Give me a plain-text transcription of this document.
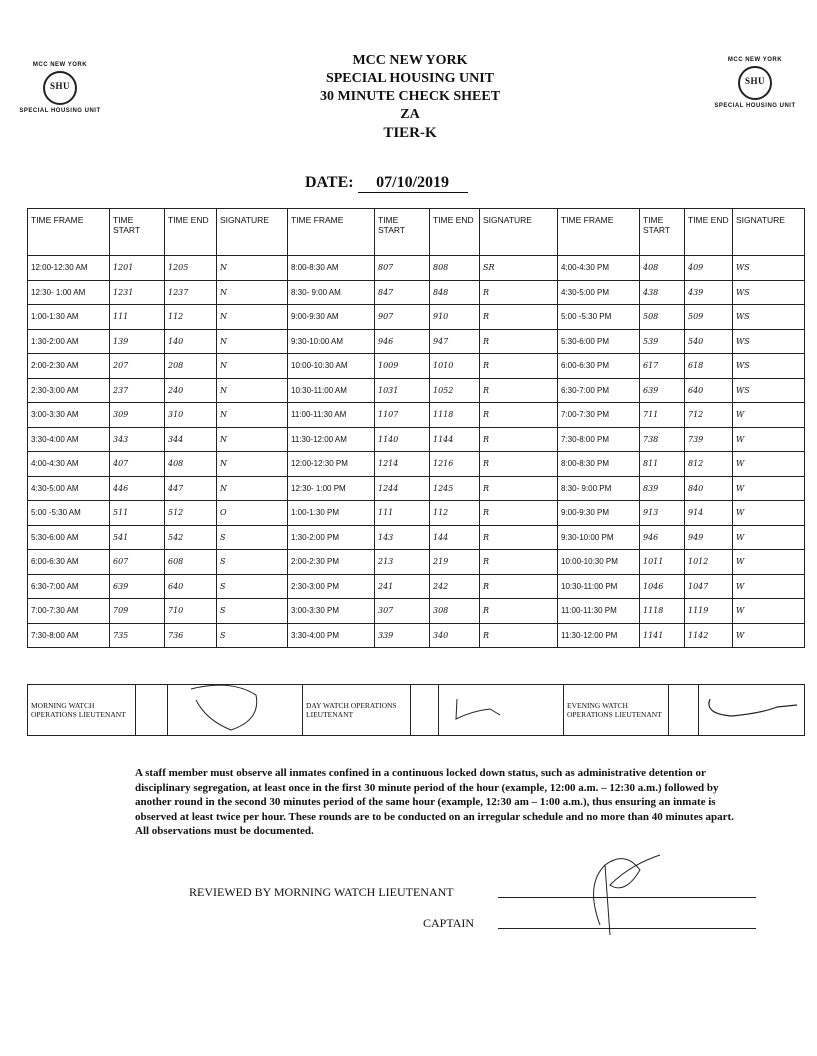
MCC NEW YORK
SHU
SPECIAL HOUSING UNIT
MCC NEW YORK
SHU
SPECIAL HOUSING UNIT
MCC NEW YORK
SPECIAL HOUSING UNIT
30 MINUTE CHECK SHEET
ZA
TIER-K
DATE: 07/10/2019
TIME FRAME	TIME START	TIME END	SIGNATURE	TIME FRAME	TIME START	TIME END	SIGNATURE	TIME FRAME	TIME START	TIME END	SIGNATURE
12:00-12:30 AM	1201	1205	N	8:00-8:30 AM	807	808	SR	4:00-4:30 PM	408	409	WS
12:30- 1:00 AM	1231	1237	N	8:30- 9:00 AM	847	848	R	4:30-5:00 PM	438	439	WS
1:00-1:30 AM	111	112	N	9:00-9:30 AM	907	910	R	5:00 -5:30 PM	508	509	WS
1:30-2:00 AM	139	140	N	9:30-10:00 AM	946	947	R	5:30-6:00 PM	539	540	WS
2:00-2:30 AM	207	208	N	10:00-10:30 AM	1009	1010	R	6:00-6:30 PM	617	618	WS
2:30-3:00 AM	237	240	N	10:30-11:00 AM	1031	1052	R	6:30-7:00 PM	639	640	WS
3:00-3:30 AM	309	310	N	11:00-11:30 AM	1107	1118	R	7:00-7:30 PM	711	712	W
3:30-4:00 AM	343	344	N	11:30-12:00 AM	1140	1144	R	7:30-8:00 PM	738	739	W
4:00-4:30 AM	407	408	N	12:00-12:30 PM	1214	1216	R	8:00-8:30 PM	811	812	W
4:30-5:00 AM	446	447	N	12:30- 1:00 PM	1244	1245	R	8:30- 9:00 PM	839	840	W
5:00 -5:30 AM	511	512	O	1:00-1:30 PM	111	112	R	9:00-9:30 PM	913	914	W
5:30-6:00 AM	541	542	S	1:30-2:00 PM	143	144	R	9:30-10:00 PM	946	949	W
6:00-6:30 AM	607	608	S	2:00-2:30 PM	213	219	R	10:00-10:30 PM	1011	1012	W
6:30-7:00 AM	639	640	S	2:30-3:00 PM	241	242	R	10:30-11:00 PM	1046	1047	W
7:00-7:30 AM	709	710	S	3:00-3:30 PM	307	308	R	11:00-11:30 PM	1118	1119	W
7:30-8:00 AM	735	736	S	3:30-4:00 PM	339	340	R	11:30-12:00 PM	1141	1142	W
MORNING WATCH OPERATIONS LIEUTENANT			DAY WATCH OPERATIONS LIEUTENANT			EVENING WATCH OPERATIONS LIEUTENANT		
A staff member must observe all inmates confined in a continuous locked down status, such as administrative detention or disciplinary segregation, at least once in the first 30 minute period of the hour (example, 12:00 a.m. – 12:30 a.m.) followed by another round in the second 30 minutes period of the same hour (example, 12:30 am – 1:00 a.m.), thus ensuring an inmate is observed at least twice per hour. These rounds are to be conducted on an irregular schedule and no more than 40 minutes apart. All observations must be documented.
REVIEWED BY MORNING WATCH LIEUTENANT
CAPTAIN
